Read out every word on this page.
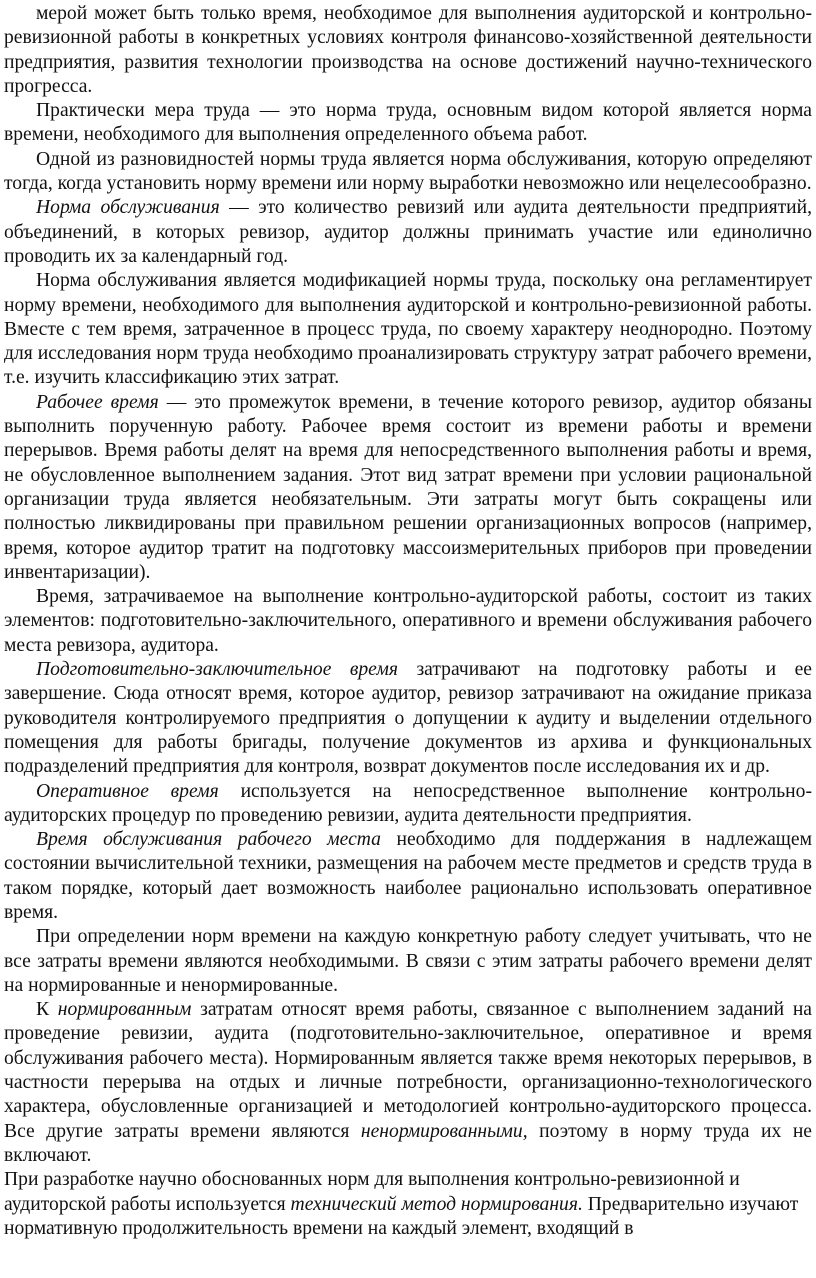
мерой может быть только время, необходимое для выполнения аудиторской и контрольно-ревизионной работы в конкретных условиях контроля финансово-хозяйственной деятельности предприятия, развития технологии производства на основе достижений научно-технического прогресса.

Практически мера труда — это норма труда, основным видом которой является норма времени, необходимого для выполнения определенного объема работ.

Одной из разновидностей нормы труда является норма обслуживания, которую определяют тогда, когда установить норму времени или норму выработки невозможно или нецелесообразно.

Норма обслуживания — это количество ревизий или аудита деятельности предприятий, объединений, в которых ревизор, аудитор должны принимать участие или единолично проводить их за календарный год.

Норма обслуживания является модификацией нормы труда, поскольку она регламентирует норму времени, необходимого для выполнения аудиторской и контрольно-ревизионной работы. Вместе с тем время, затраченное в процесс труда, по своему характеру неоднородно. Поэтому для исследования норм труда необходимо проанализировать структуру затрат рабочего времени, т.е. изучить классификацию этих затрат.

Рабочее время — это промежуток времени, в течение которого ревизор, аудитор обязаны выполнить порученную работу. Рабочее время состоит из времени работы и времени перерывов. Время работы делят на время для непосредственного выполнения работы и время, не обусловленное выполнением задания. Этот вид затрат времени при условии рациональной организации труда является необязательным. Эти затраты могут быть сокращены или полностью ликвидированы при правильном решении организационных вопросов (например, время, которое аудитор тратит на подготовку массоизмерительных приборов при проведении инвентаризации).

Время, затрачиваемое на выполнение контрольно-аудиторской работы, состоит из таких элементов: подготовительно-заключительного, оперативного и времени обслуживания рабочего места ревизора, аудитора.

Подготовительно-заключительное время затрачивают на подготовку работы и ее завершение. Сюда относят время, которое аудитор, ревизор затрачивают на ожидание приказа руководителя контролируемого предприятия о допущении к аудиту и выделении отдельного помещения для работы бригады, получение документов из архива и функциональных подразделений предприятия для контроля, возврат документов после исследования их и др.

Оперативное время используется на непосредственное выполнение контрольно-аудиторских процедур по проведению ревизии, аудита деятельности предприятия.

Время обслуживания рабочего места необходимо для поддержания в надлежащем состоянии вычислительной техники, размещения на рабочем месте предметов и средств труда в таком порядке, который дает возможность наиболее рационально использовать оперативное время.

При определении норм времени на каждую конкретную работу следует учитывать, что не все затраты времени являются необходимыми. В связи с этим затраты рабочего времени делят на нормированные и ненормированные.

К нормированным затратам относят время работы, связанное с выполнением заданий на проведение ревизии, аудита (подготовительно-заключительное, оперативное и время обслуживания рабочего места). Нормированным является также время некоторых перерывов, в частности перерыва на отдых и личные потребности, организационно-технологического характера, обусловленные организацией и методологией контрольно-аудиторского процесса. Все другие затраты времени являются ненормированными, поэтому в норму труда их не включают.

При разработке научно обоснованных норм для выполнения контрольно-ревизионной и аудиторской работы используется технический метод нормирования. Предварительно изучают нормативную продолжительность времени на каждый элемент, входящий в
